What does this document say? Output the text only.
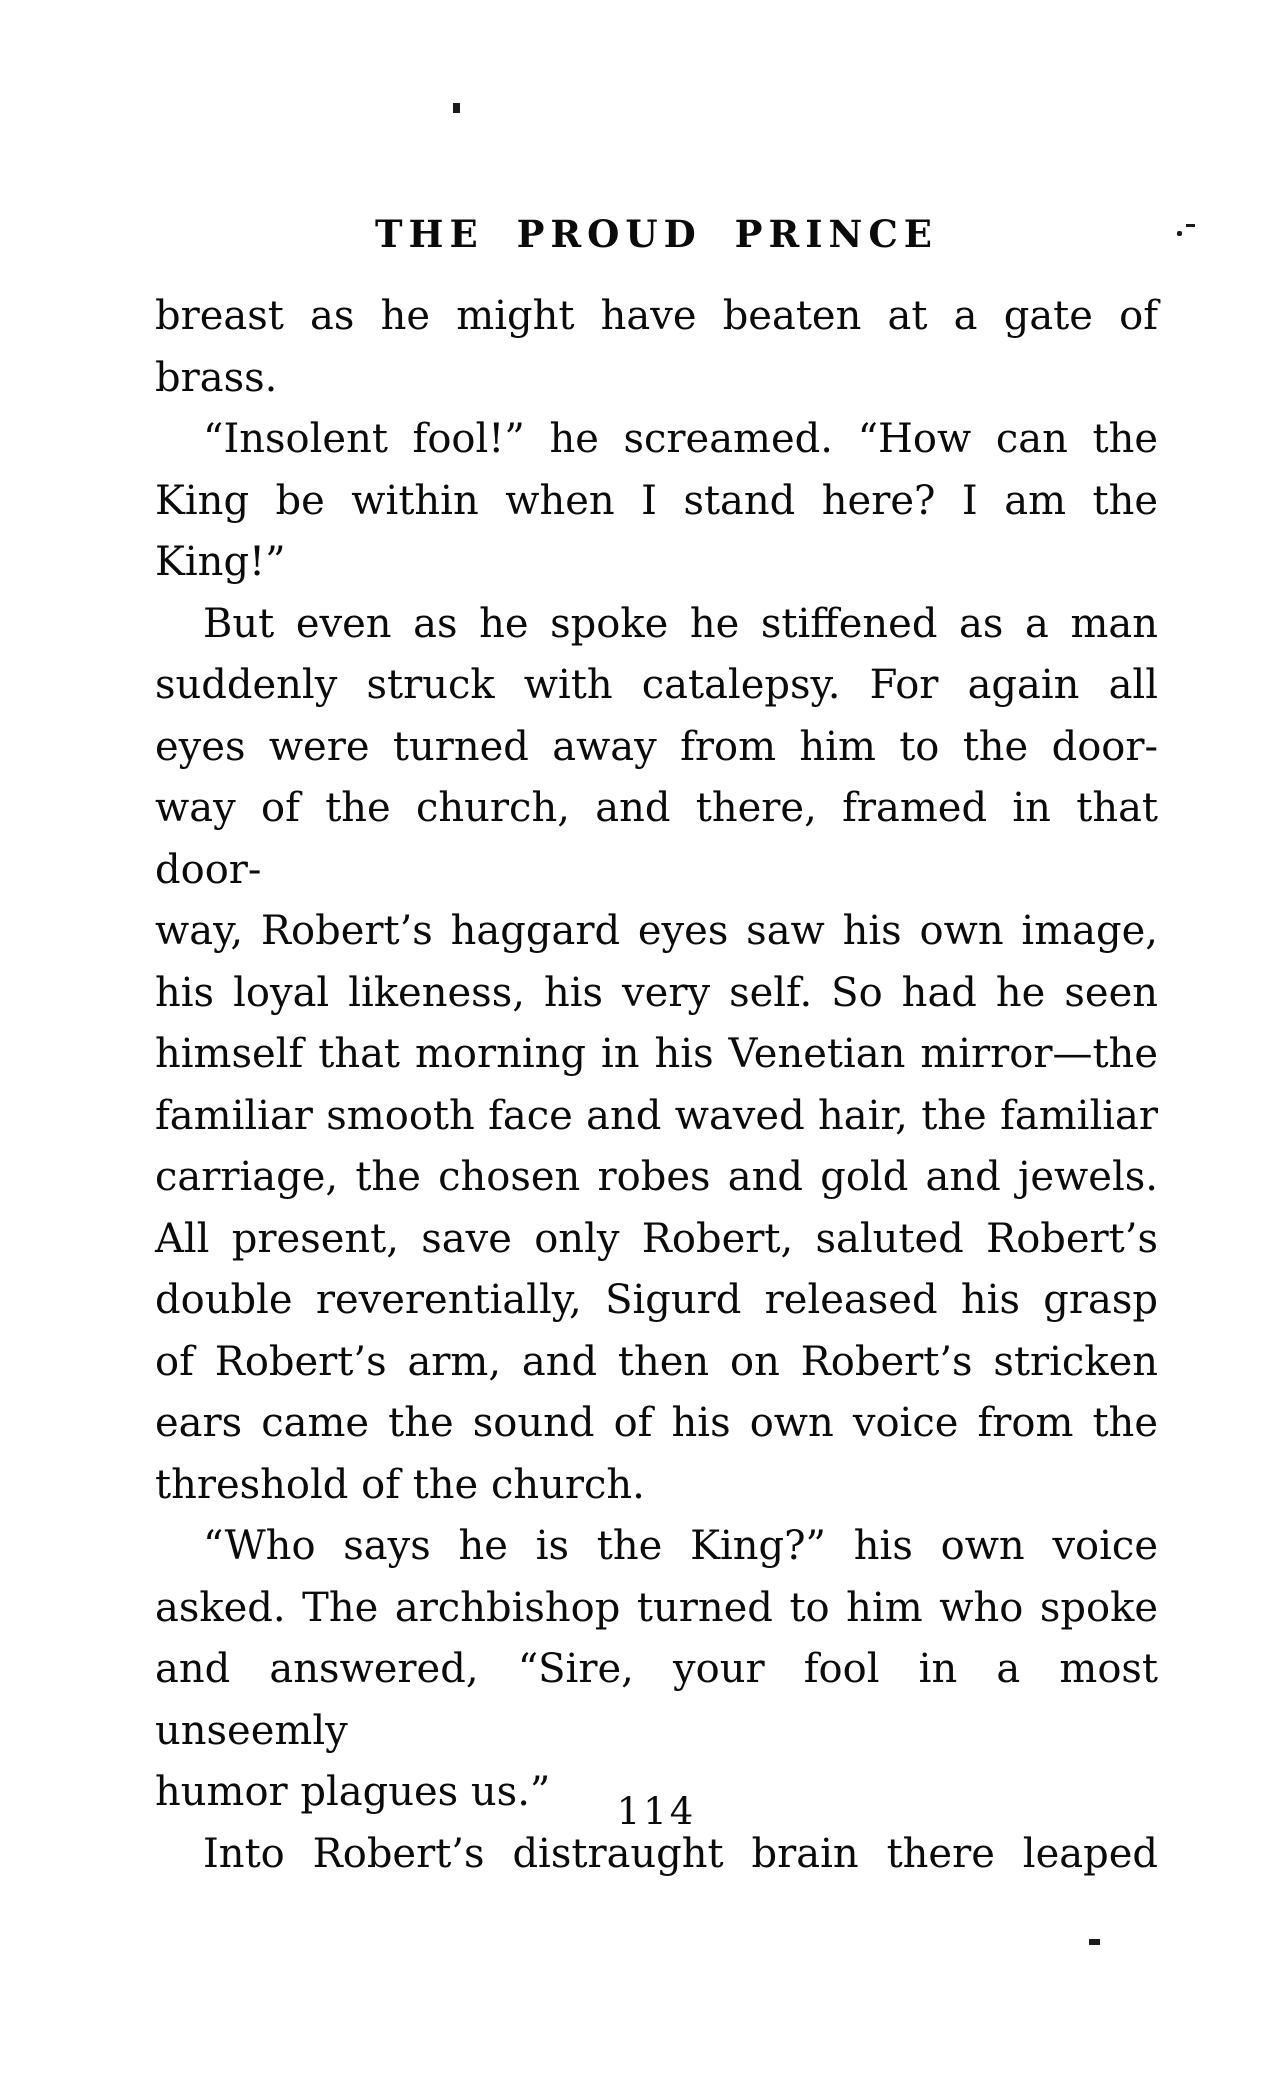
THE PROUD PRINCE
breast as he might have beaten at a gate of
brass.
“Insolent fool!” he screamed. “How can the
King be within when I stand here? I am the
King!”
But even as he spoke he stiffened as a man
suddenly struck with catalepsy. For again all
eyes were turned away from him to the door-
way of the church, and there, framed in that door-
way, Robert’s haggard eyes saw his own image,
his loyal likeness, his very self. So had he seen
himself that morning in his Venetian mirror—the
familiar smooth face and waved hair, the familiar
carriage, the chosen robes and gold and jewels.
All present, save only Robert, saluted Robert’s
double reverentially, Sigurd released his grasp
of Robert’s arm, and then on Robert’s stricken
ears came the sound of his own voice from the
threshold of the church.
“Who says he is the King?” his own voice
asked. The archbishop turned to him who spoke
and answered, “Sire, your fool in a most unseemly
humor plagues us.”
Into Robert’s distraught brain there leaped
114
